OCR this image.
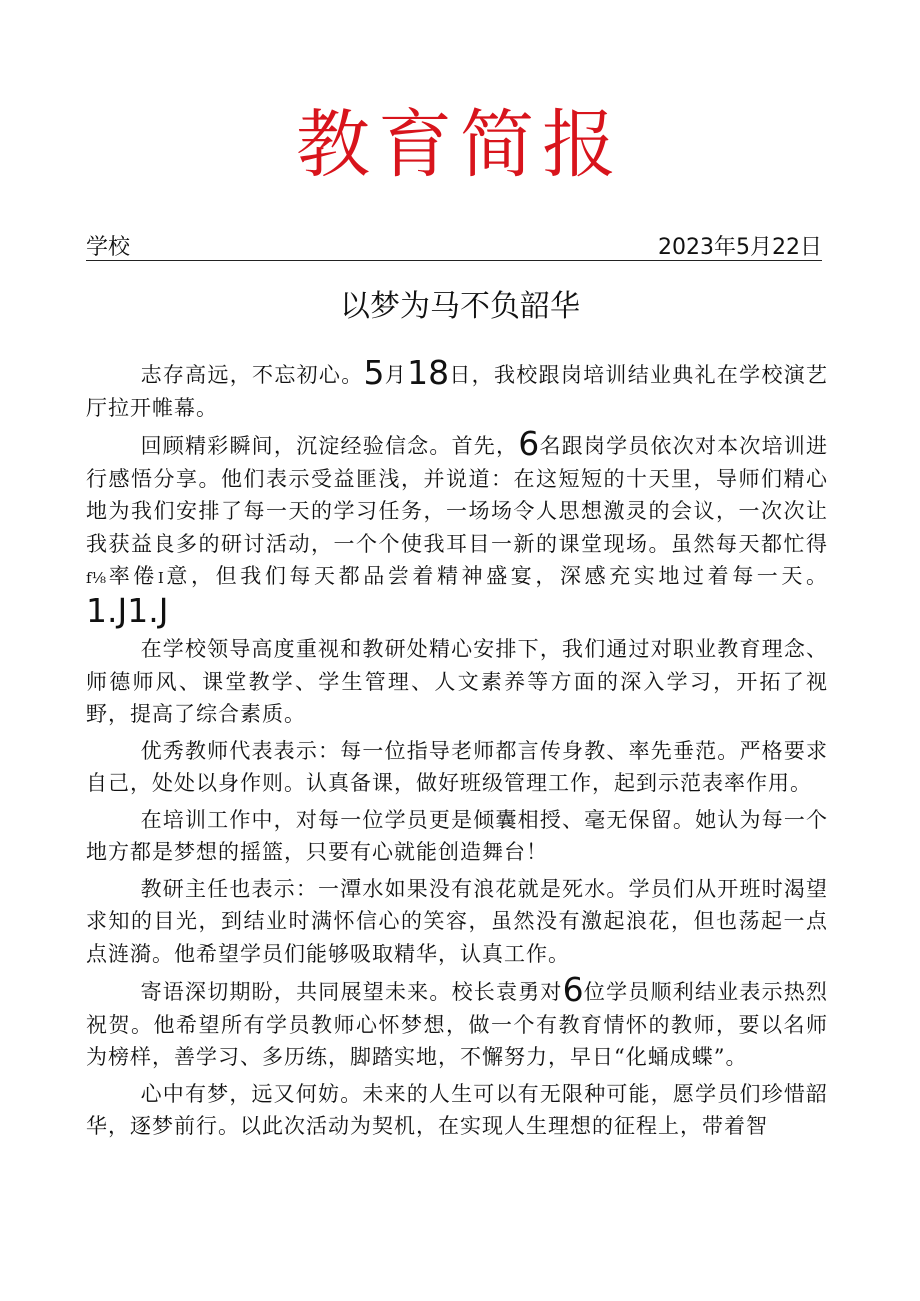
教育简报
学校	2023年5月22日
以梦为马不负韶华

志存高远，不忘初心。5月18日，我校跟岗培训结业典礼在学校演艺厅拉开帷幕。

回顾精彩瞬间，沉淀经验信念。首先，6名跟岗学员依次对本次培训进行感悟分享。他们表示受益匪浅，并说道：在这短短的十天里，导师们精心地为我们安排了每一天的学习任务，一场场令人思想激灵的会议，一次次让我获益良多的研讨活动，一个个使我耳目一新的课堂现场。虽然每天都忙得f⅛率倦I意，但我们每天都品尝着精神盛宴，深感充实地过着每一天。1.J1.J

在学校领导高度重视和教研处精心安排下，我们通过对职业教育理念、师德师风、课堂教学、学生管理、人文素养等方面的深入学习，开拓了视野，提高了综合素质。

优秀教师代表表示：每一位指导老师都言传身教、率先垂范。严格要求自己，处处以身作则。认真备课，做好班级管理工作，起到示范表率作用。

在培训工作中，对每一位学员更是倾囊相授、毫无保留。她认为每一个地方都是梦想的摇篮，只要有心就能创造舞台！

教研主任也表示：一潭水如果没有浪花就是死水。学员们从开班时渴望求知的目光，到结业时满怀信心的笑容，虽然没有激起浪花，但也荡起一点点涟漪。他希望学员们能够吸取精华，认真工作。

寄语深切期盼，共同展望未来。校长袁勇对6位学员顺利结业表示热烈祝贺。他希望所有学员教师心怀梦想，做一个有教育情怀的教师，要以名师为榜样，善学习、多历练，脚踏实地，不懈努力，早日“化蛹成蝶”。

心中有梦，远又何妨。未来的人生可以有无限种可能，愿学员们珍惜韶华，逐梦前行。以此次活动为契机，在实现人生理想的征程上，带着智
